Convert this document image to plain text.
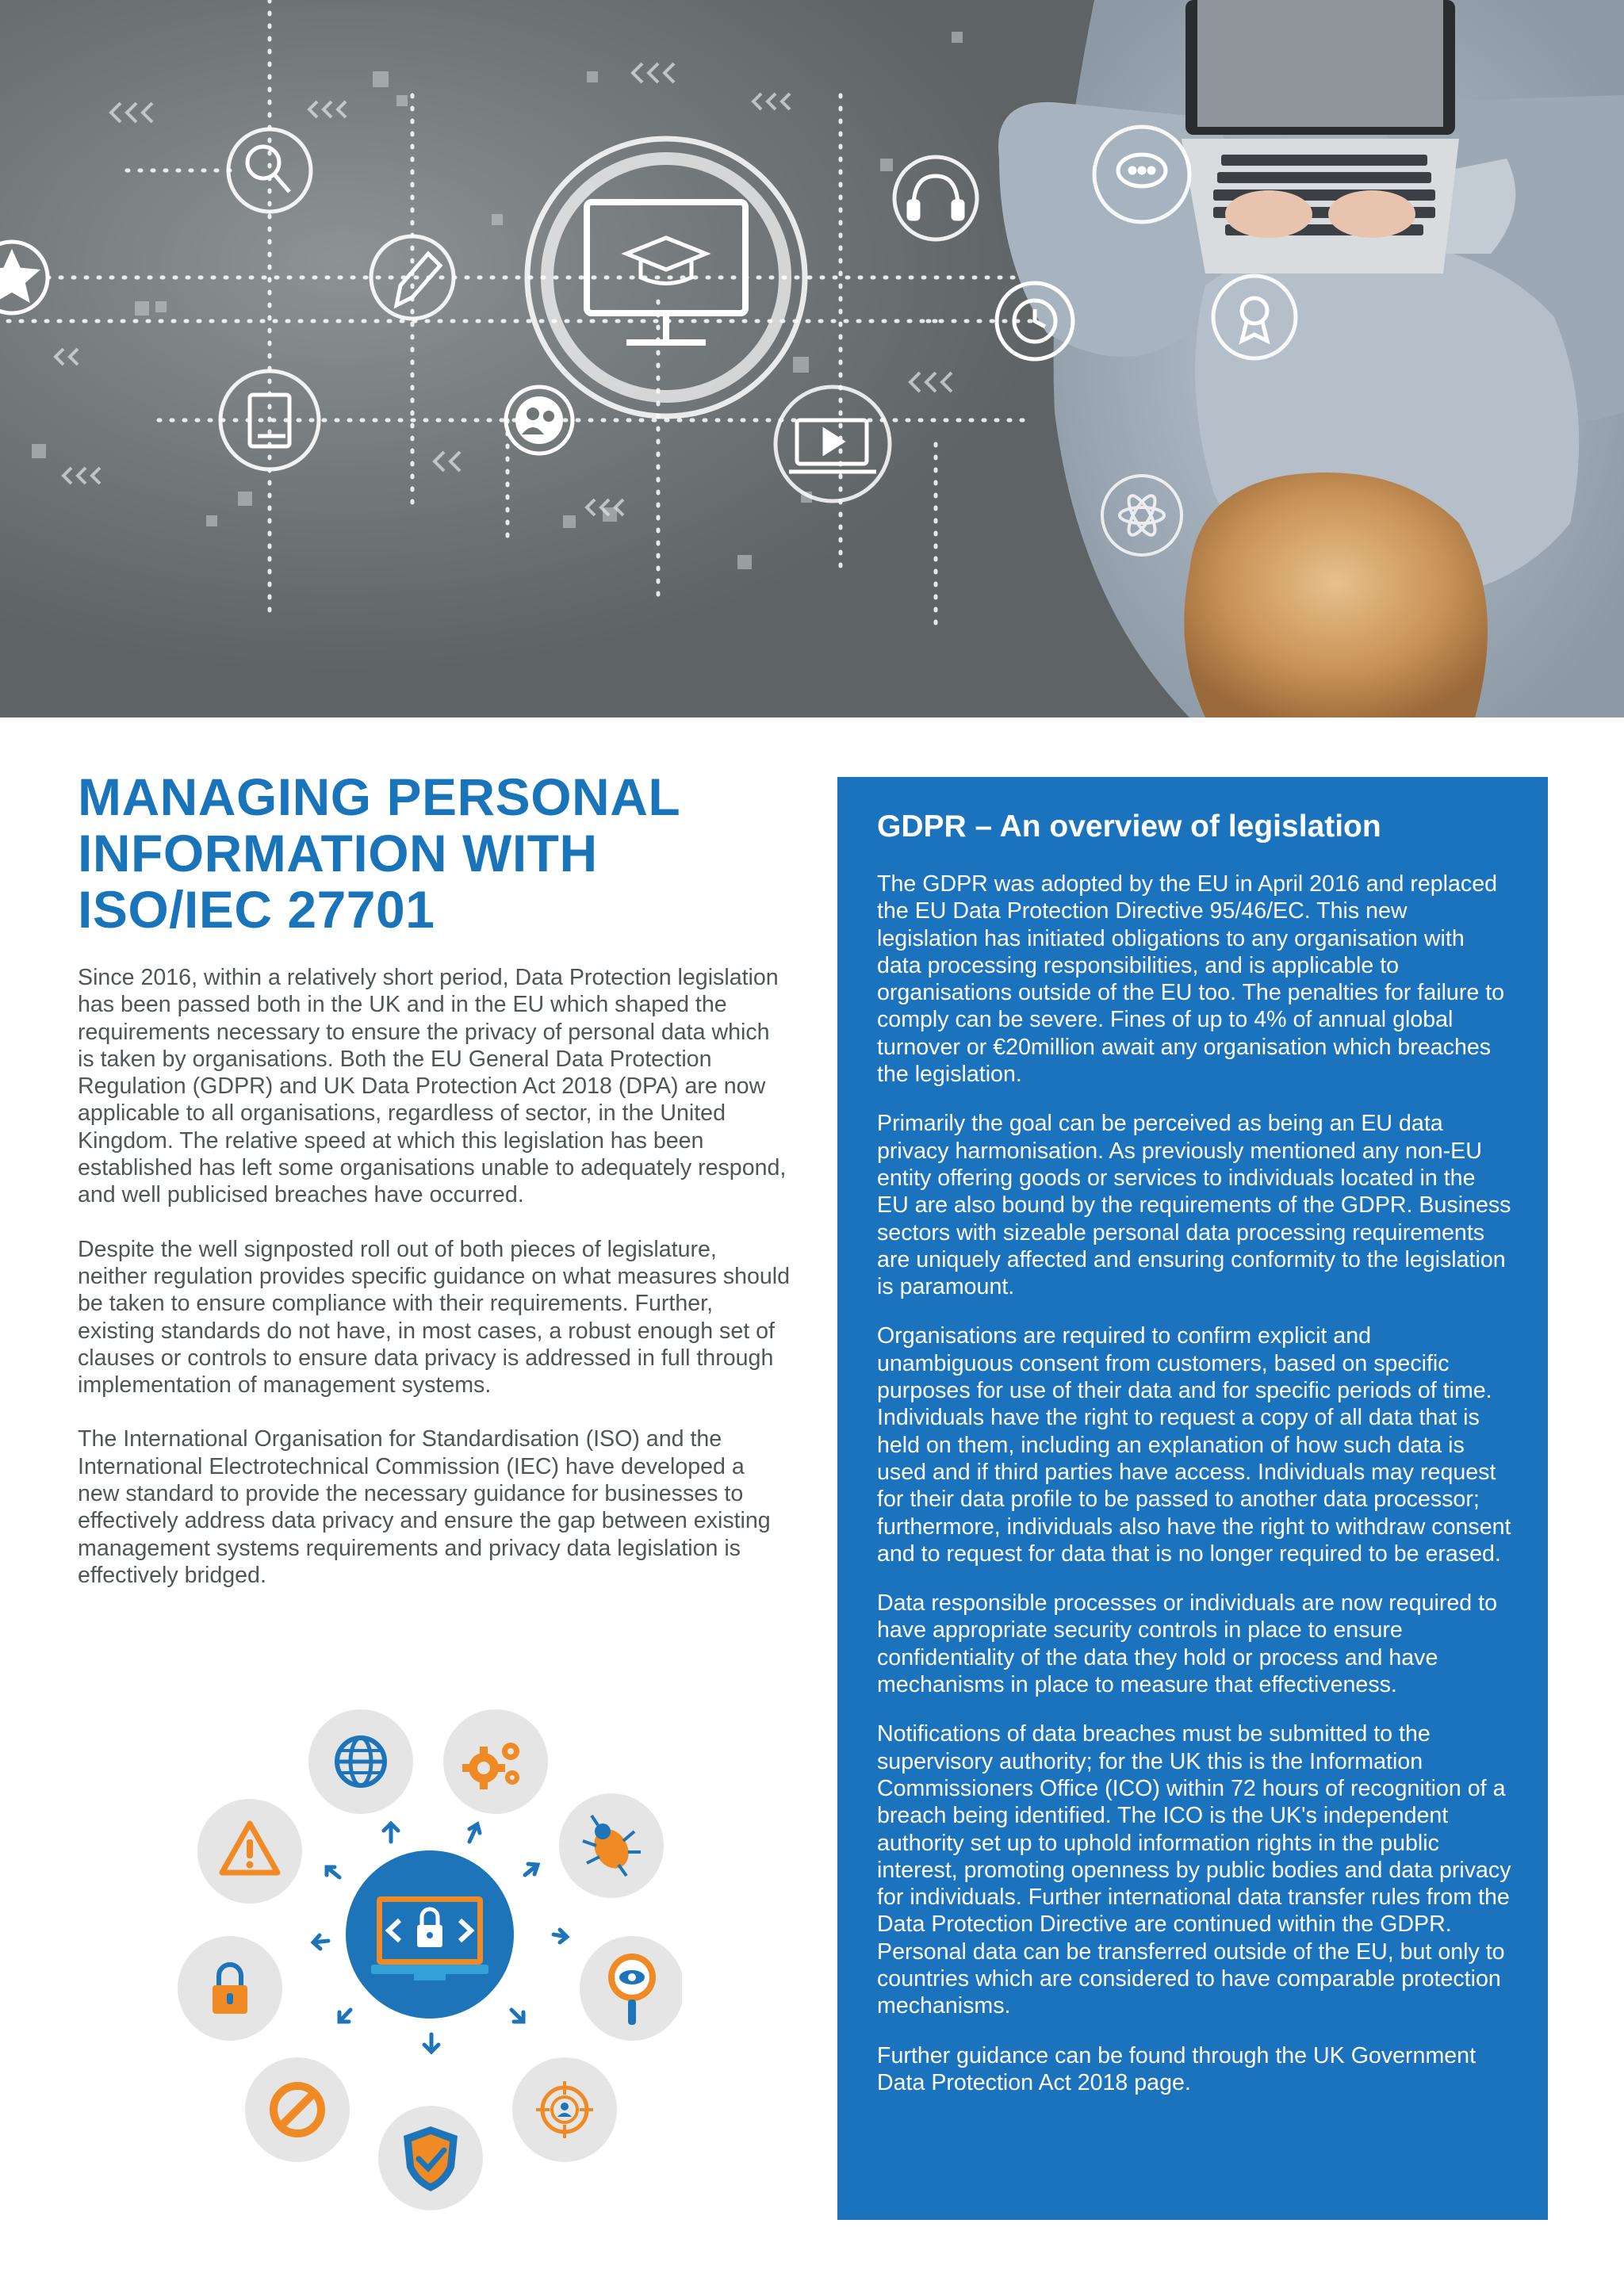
MANAGING PERSONAL
INFORMATION WITH
ISO/IEC 27701

Since 2016, within a relatively short period, Data Protection legislation has been passed both in the UK and in the EU which shaped the requirements necessary to ensure the privacy of personal data which is taken by organisations. Both the EU General Data Protection Regulation (GDPR) and UK Data Protection Act 2018 (DPA) are now applicable to all organisations, regardless of sector, in the United Kingdom. The relative speed at which this legislation has been established has left some organisations unable to adequately respond, and well publicised breaches have occurred.

Despite the well signposted roll out of both pieces of legislature, neither regulation provides specific guidance on what measures should be taken to ensure compliance with their requirements. Further, existing standards do not have, in most cases, a robust enough set of clauses or controls to ensure data privacy is addressed in full through implementation of management systems.

The International Organisation for Standardisation (ISO) and the International Electrotechnical Commission (IEC) have developed a new standard to provide the necessary guidance for businesses to effectively address data privacy and ensure the gap between existing management systems requirements and privacy data legislation is effectively bridged.

GDPR – An overview of legislation

The GDPR was adopted by the EU in April 2016 and replaced the EU Data Protection Directive 95/46/EC. This new legislation has initiated obligations to any organisation with data processing responsibilities, and is applicable to organisations outside of the EU too. The penalties for failure to comply can be severe. Fines of up to 4% of annual global turnover or €20million await any organisation which breaches the legislation.

Primarily the goal can be perceived as being an EU data privacy harmonisation. As previously mentioned any non-EU entity offering goods or services to individuals located in the EU are also bound by the requirements of the GDPR. Business sectors with sizeable personal data processing requirements are uniquely affected and ensuring conformity to the legislation is paramount.

Organisations are required to confirm explicit and unambiguous consent from customers, based on specific purposes for use of their data and for specific periods of time. Individuals have the right to request a copy of all data that is held on them, including an explanation of how such data is used and if third parties have access. Individuals may request for their data profile to be passed to another data processor; furthermore, individuals also have the right to withdraw consent and to request for data that is no longer required to be erased.

Data responsible processes or individuals are now required to have appropriate security controls in place to ensure confidentiality of the data they hold or process and have mechanisms in place to measure that effectiveness.

Notifications of data breaches must be submitted to the supervisory authority; for the UK this is the Information Commissioners Office (ICO) within 72 hours of recognition of a breach being identified. The ICO is the UK's independent authority set up to uphold information rights in the public interest, promoting openness by public bodies and data privacy for individuals. Further international data transfer rules from the Data Protection Directive are continued within the GDPR. Personal data can be transferred outside of the EU, but only to countries which are considered to have comparable protection mechanisms.

Further guidance can be found through the UK Government Data Protection Act 2018 page.
